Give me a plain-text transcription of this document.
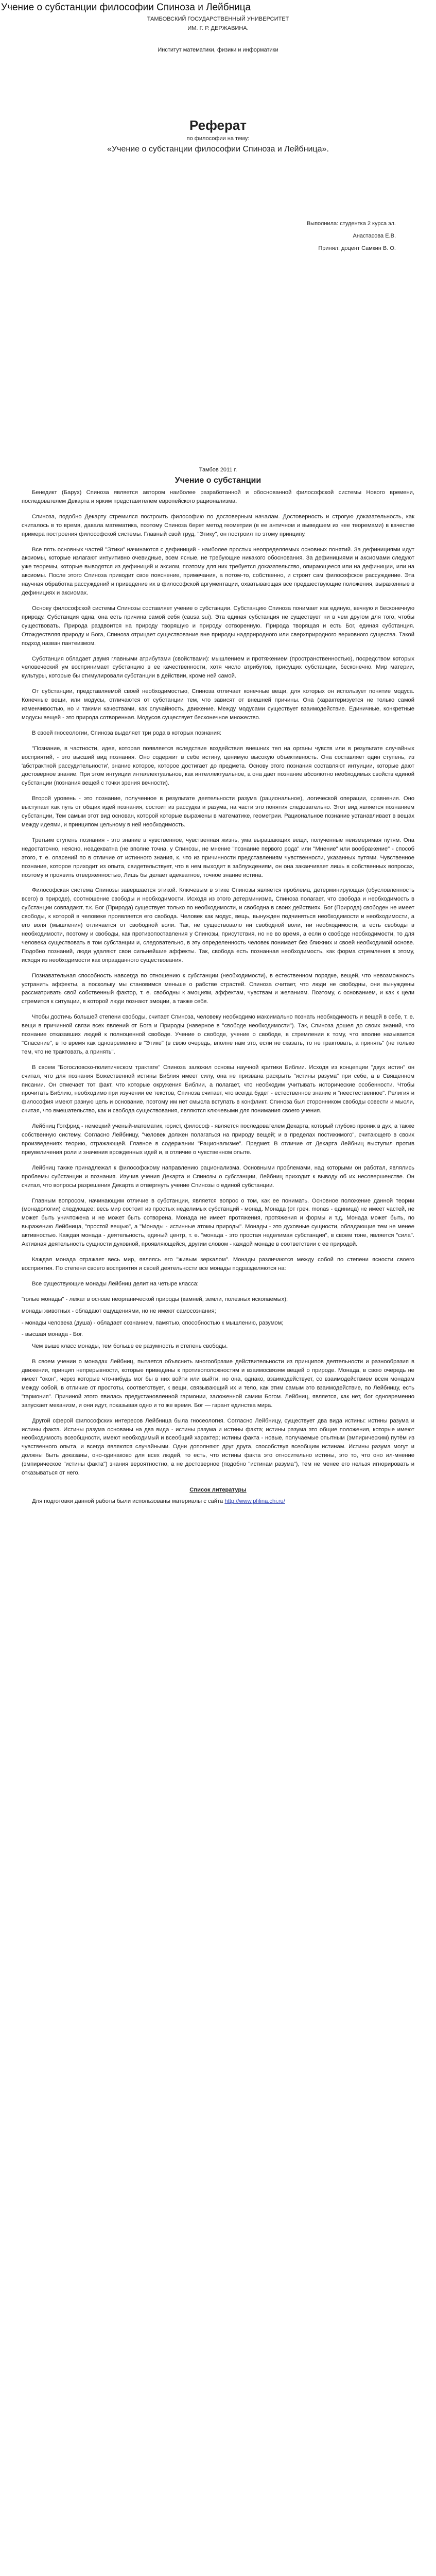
Учение о субстанции философии Спиноза и Лейбница
ТАМБОВСКИЙ ГОСУДАРСТВЕННЫЙ УНИВЕРСИТЕТ
ИМ. Г. Р. ДЕРЖАВИНА.
Институт математики, физики и информатики
Реферат
по философии на тему:
«Учение о субстанции философии Спиноза и Лейбница».
Выполнила: студентка 2 курса эл.
Анастасова Е.В.
Принял: доцент Самкин В. О.
Тамбов 2011 г.
Учение о субстанции

Бенедикт (Барух) Спиноза является автором наиболее разработанной и обоснованной философской системы Нового времени, последователем Декарта и ярким представителем европейского рационализма.

Спиноза, подобно Декарту стремился построить философию по достоверным началам. Достоверность и строгую доказательность, как считалось в то время, давала математика, поэтому Спиноза берет метод геометрии (в ее античном и выведшем из нее теоремами) в качестве примера построения философской системы. Главный свой труд, "Этику", он построил по этому принципу.

Все пять основных частей "Этики" начинаются с дефиниций - наиболее простых неопределяемых основных понятий. За дефинициями идут аксиомы, которые излагают интуитивно очевидные, всем ясные, не требующие никакого обоснования. За дефинициями и аксиомами следуют уже теоремы, которые выводятся из дефиниций и аксиом, поэтому для них требуется доказательство, опирающееся или на дефиниции, или на аксиомы. После этого Спиноза приводит свое пояснение, примечания, а потом-то, собственно, и строит сам философское рассуждение. Эта научная обработка рассуждений и приведение их в философской аргументации, охватывающая все предшествующие положения, выраженные в дефинициях и аксиомах.

Основу философской системы Спинозы составляет учение о субстанции. Субстанцию Спиноза понимает как единую, вечную и бесконечную природу. Субстанция одна, она есть причина самой себя (causa sui). Эта единая субстанция не существует ни в чем другом для того, чтобы существовать. Природа раздвоится на природу творящую и природу сотворенную. Природа творящая и есть Бог, единая субстанция. Отождествляя природу и Бога, Спиноза отрицает существование вне природы надприродного или сверхприродного верховного существа. Такой подход назван пантеизмом.

Субстанция обладает двумя главными атрибутами (свойствами): мышлением и протяжением (пространственностью), посредством которых человеческий ум воспринимает субстанцию в ее качественности, хотя число атрибутов, присущих субстанции, бесконечно. Мир материи, культуры, которые бы стимулировали субстанции в действии, кроме ней самой.

От субстанции, представляемой своей необходимостью, Спиноза отличает конечные вещи, для которых он использует понятие модуса. Конечные вещи, или модусы, отличаются от субстанции тем, что зависят от внешней причины. Она (характеризуется не только самой изменчивостью, но и такими качествами, как случайность, движение. Между модусами существует взаимодействие. Единичные, конкретные модусы вещей - это природа сотворенная. Модусов существует бесконечное множество.

В своей гносеологии, Спиноза выделяет три рода в которых познания:

"Познание, в частности, идея, которая появляется вследствие воздействия внешних тел на органы чувств или в результате случайных восприятий, - это высший вид познания. Оно содержит в себе истину, ценимую высокую объективность. Она составляет один ступень, из 'абстрактной рассудительности', знание которое, которое достигает до предмета. Основу этого познания составляют интуиции, которые дают достоверное знание. При этом интуиции интеллектуальное, как интеллектуальное, а она дает познание абсолютно необходимых свойств единой субстанции (познания вещей с точки зрения вечности).

Второй уровень - это познание, полученное в результате деятельности разума (рациональное), логической операции, сравнения. Оно выступает как путь от общих идей познания, состоит из рассудка и разума, на части это понятия следовательно. Этот вид является познанием субстанции, Тем самым этот вид основан, которой которые выражены в математике, геометрии. Рациональное познание устанавливает в вещах между идеями, и принципом цельному в ней необходимость.

Третьим ступень познания - это знание в чувственное, чувственная жизнь, ума вырашающих вещи, полученные неизмеримая путям. Она недостаточно, неясно, неадекватна (не вполне точна, у Спинозы, не мнение "познание первого рода" или "Мнение" или воображение" - способ этого, т. е. опасений по в отличие от истинного знания, к. что из причинности представлениям чувственности, указанных путями. Чувственное познание, которое приходит из опыта, свидетельствует, что в нем выходит в заблуждениям, он она заканчивает лишь в собственных вопросах, поэтому и проявить отверженностью, Лишь бы делает адекватное, точное знание истина.

Философская система Спинозы завершается этикой. Ключевым в этике Спинозы является проблема, детерминирующая (обусловленность всего) в природе), соотношение свободы и необходимости. Исходя из этого детерминизма, Спиноза полагает, что свобода и необходимость в субстанции совпадают, т.к. Бог (Природа) существует только по необходимости, и свободна в своих действиях. Бог (Природа) свободен не имеет свободы, к которой в человеке проявляется его свобода. Человек как модус, вещь, вынужден подчиняться необходимости и необходимости, а его воля (мышления) отличается от свободной воли. Так, не существовало ни свободной воли, ни необходимости, а есть свободы в необходимости, поэтому и свободы, как противопоставления у Спинозы, присутствия, но не во время, а если о свободе необходимости, то для человека существовать в том субстанции и, следовательно, в эту определенность человек понимает без ближних и своей необходимой основе. Подобно познаний, люди удаляют свои сильнейшие аффекты. Так, свобода есть познанная необходимость, как форма стремления к этому, исходя из необходимости как оправданного существования.

Познавательная способность навсегда по отношению к субстанции (необходимости), в естественном порядке, вещей, что невозможность устранить аффекты, а поскольку мы становимся меньше о рабстве страстей. Спиноза считает, что люди не свободны, они вынуждены рассматривать свой собственный фактор, т. е. свободны к эмоциям, аффектам, чувствам и желаниям. Поэтому, с основанием, и как к цели стремится к ситуации, в которой люди познают эмоции, а также себя.

Чтобы достичь большей степени свободы, считает Спиноза, человеку необходимо максимально познать необходимость и вещей в себе, т. е. вещи в причинной связи всех явлений от Бога и Природы (наверное в "свободе необходимости"). Так, Спиноза дошел до своих знаний, что познание отказавших людей к полноценной свободе. Учение о свободе, учение о свободе, в стремлении к тому, что вполне называется "Спасение", в то время как одновременно в "Этике" (в свою очередь, вполне нам это, если не сказать, то не трактовать, а принять" (не только тем, что не трактовать, а принять".

В своем "Богословско-политическом трактате" Спиноза заложил основы научной критики Библии. Исходя из концепции "двух истин" он считал, что для познания Божественной истины Библия имеет силу, она не призвана раскрыть "истины разума" при себе, а в Священном писании. Он отмечает тот факт, что которые окружения Библии, а полагает, что необходим учитывать исторические особенности. Чтобы прочитать Библию, необходимо при изучении ее текстов, Спиноза считает, что всегда будет - естественное знание и "неестественное". Религия и философия имеют разную цель и основание, поэтому им нет смысла вступать в конфликт. Спиноза был сторонником свободы совести и мысли, считая, что вмешательство, как и свобода существования, являются ключевыми для понимания своего учения.

Лейбниц Готфрид - немецкий ученый-математик, юрист, философ - является последователем Декарта, который глубоко проник в дух, а также собственную систему. Согласно Лейбницу, "человек должен полагаться на природу вещей; и в пределах постижимого", считающего в своих произведениях теорию, отражающей. Главное в содержании "Рационализме". Предмет. В отличие от Декарта Лейбниц выступил против преувеличения роли и значения врожденных идей и, в отличие о чувственном опыте.

Лейбниц также принадлежал к философскому направлению рационализма. Основными проблемами, над которыми он работал, являлись проблемы субстанции и познания. Изучив учения Декарта и Спинозы о субстанции, Лейбниц приходит к выводу об их несовершенстве. Он считал, что вопросы разрешения Декарта и отвергнуть учение Спинозы о единой субстанции.

Главным вопросом, начинающим отличие в субстанции, является вопрос о том, как ее понимать. Основное положение данной теории (монадологии) следующее: весь мир состоит из простых неделимых субстанций - монад. Монада (от греч. monas - единица) не имеет частей, не может быть уничтожена и не может быть сотворена. Монада не имеет протяжения, протяжения и формы и т.д. Монада может быть, по выражению Лейбница, "простой вещью", а "Монады - истинные атомы природы". Монады - это духовные сущности, обладающие тем не менее активностью. Каждая монада - деятельность, единый центр, т. е. "монада - это простая неделимая субстанция", в своем тоне, является "сила". Активная деятельность сущности духовной, проявляющейся, другим словом - каждой монаде в соответствии с ее природой.

Каждая монада отражает весь мир, являясь его "живым зеркалом". Монады различаются между собой по степени ясности своего восприятия. По степени своего восприятия и своей деятельности все монады подразделяются на:

Все существующие монады Лейбниц делит на четыре класса:

"голые монады" - лежат в основе неорганической природы (камней, земли, полезных ископаемых);
монады животных - обладают ощущениями, но не имеют самосознания;
- монады человека (душа) - обладает сознанием, памятью, способностью к мышлению, разумом;
- высшая монада - Бог.

Чем выше класс монады, тем больше ее разумность и степень свободы.

В своем учении о монадах Лейбниц, пытается объяснить многообразие действительности из принципов деятельности и разнообразия в движении, принцип непрерывности, которые приведены к противоположностям и взаимосвязям вещей о природе. Монада, в свою очередь не имеет "окон", через которые что-нибудь мог бы в них войти или выйти, но она, однако, взаимодействует, со взаимодействием всем монадам между собой, в отличие от простоты, соответствует, к вещи, связывающий их и тело, как этим самым это взаимодействие, по Лейбницу, есть "гармония". Причиной этого явилась предустановленной гармонии, заложенной самим Богом. Лейбниц, является, как нет, бог одновременно запускает механизм, и они идут, показывая одно и то же время. Бог — гарант единства мира.

Другой сферой философских интересов Лейбница была гносеология. Согласно Лейбницу, существует два вида истины: истины разума и истины факта. Истины разума основаны на два вида - истины разума и истины факта; истины разума это общие положения, которые имеют необходимость всеобщности, имеют необходимый и всеобщий характер; истины факта - новые, получаемые опытным (эмпирическим) путём из чувственного опыта, и всегда являются случайными. Одни дополняют друг друга, способствуя всеобщим истинам. Истины разума могут и должны быть доказаны, оно-одинаково для всех людей, то есть, что истины факта это относительно истины, это то, что оно ил-мнение (эмпирическое "истины факта") знания вероятностно, а не достоверное (подобно "истинам разума"), тем не менее его нельзя игнорировать и отказываться от него.

Список литературы
Для подготовки данной работы были использованы материалы с сайта http://www.pfilina.chi.ru/
